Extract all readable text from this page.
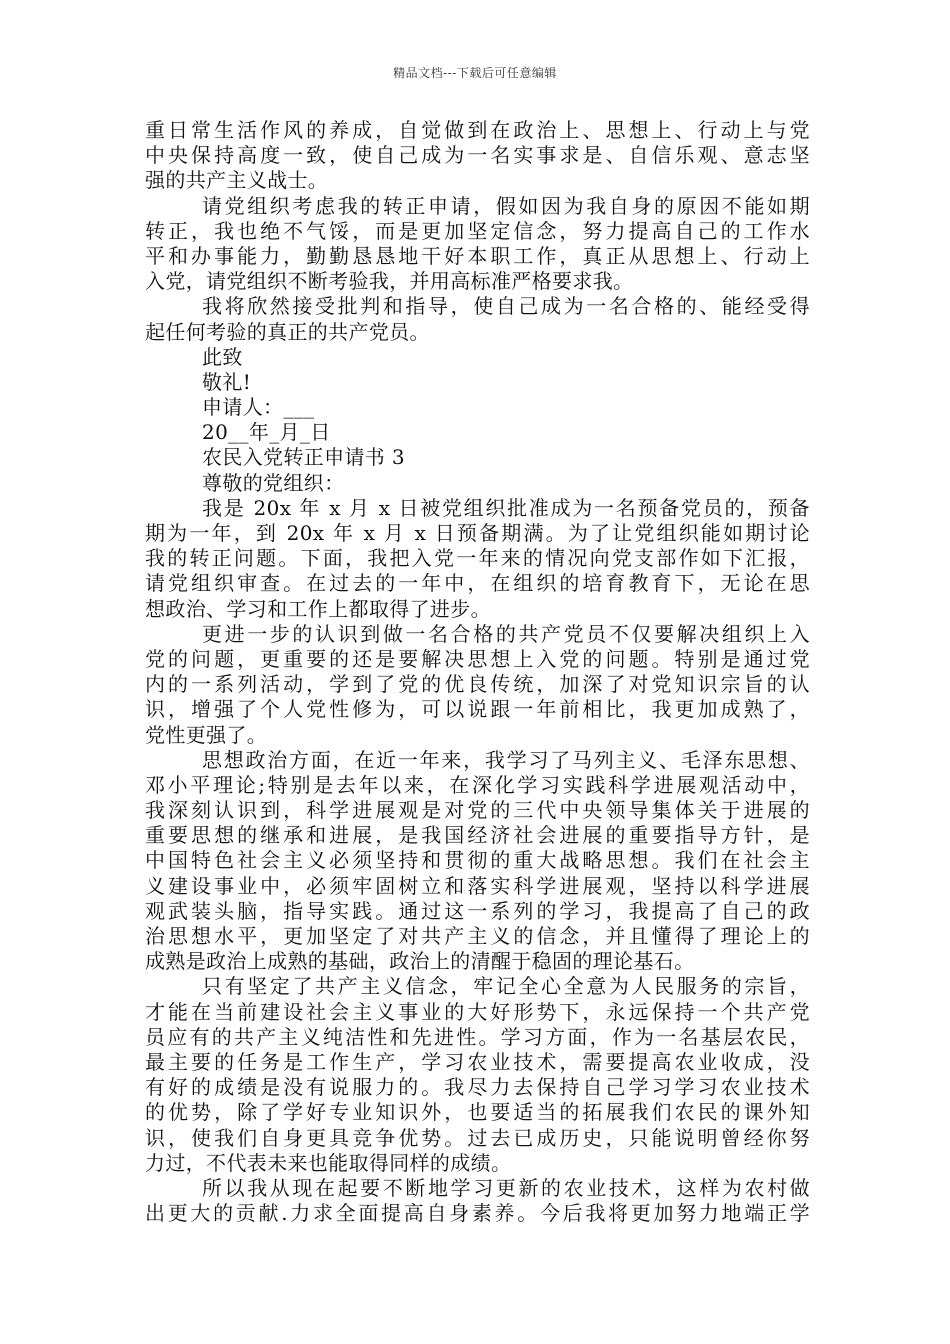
精品文档---下载后可任意编辑
重日常生活作风的养成，自觉做到在政治上、思想上、行动上与党
中央保持高度一致，使自己成为一名实事求是、自信乐观、意志坚
强的共产主义战士。
请党组织考虑我的转正申请，假如因为我自身的原因不能如期
转正，我也绝不气馁，而是更加坚定信念，努力提高自己的工作水
平和办事能力，勤勤恳恳地干好本职工作，真正从思想上、行动上
入党，请党组织不断考验我，并用高标准严格要求我。
我将欣然接受批判和指导，使自己成为一名合格的、能经受得
起任何考验的真正的共产党员。
此致
敬礼!
申请人：___
20__年_月_日
农民入党转正申请书 3
尊敬的党组织：
我是 20x 年 x 月 x 日被党组织批准成为一名预备党员的，预备
期为一年，到 20x 年 x 月 x 日预备期满。为了让党组织能如期讨论
我的转正问题。下面，我把入党一年来的情况向党支部作如下汇报，
请党组织审查。在过去的一年中，在组织的培育教育下，无论在思
想政治、学习和工作上都取得了进步。
更进一步的认识到做一名合格的共产党员不仅要解决组织上入
党的问题，更重要的还是要解决思想上入党的问题。特别是通过党
内的一系列活动，学到了党的优良传统，加深了对党知识宗旨的认
识，增强了个人党性修为，可以说跟一年前相比，我更加成熟了，
党性更强了。
思想政治方面，在近一年来，我学习了马列主义、毛泽东思想、
邓小平理论;特别是去年以来，在深化学习实践科学进展观活动中，
我深刻认识到，科学进展观是对党的三代中央领导集体关于进展的
重要思想的继承和进展，是我国经济社会进展的重要指导方针，是
中国特色社会主义必须坚持和贯彻的重大战略思想。我们在社会主
义建设事业中，必须牢固树立和落实科学进展观，坚持以科学进展
观武装头脑，指导实践。通过这一系列的学习，我提高了自己的政
治思想水平，更加坚定了对共产主义的信念，并且懂得了理论上的
成熟是政治上成熟的基础，政治上的清醒于稳固的理论基石。
只有坚定了共产主义信念，牢记全心全意为人民服务的宗旨，
才能在当前建设社会主义事业的大好形势下，永远保持一个共产党
员应有的共产主义纯洁性和先进性。学习方面，作为一名基层农民，
最主要的任务是工作生产，学习农业技术，需要提高农业收成，没
有好的成绩是没有说服力的。我尽力去保持自己学习学习农业技术
的优势，除了学好专业知识外，也要适当的拓展我们农民的课外知
识，使我们自身更具竞争优势。过去已成历史，只能说明曾经你努
力过，不代表未来也能取得同样的成绩。
所以我从现在起要不断地学习更新的农业技术，这样为农村做
出更大的贡献.力求全面提高自身素养。今后我将更加努力地端正学
